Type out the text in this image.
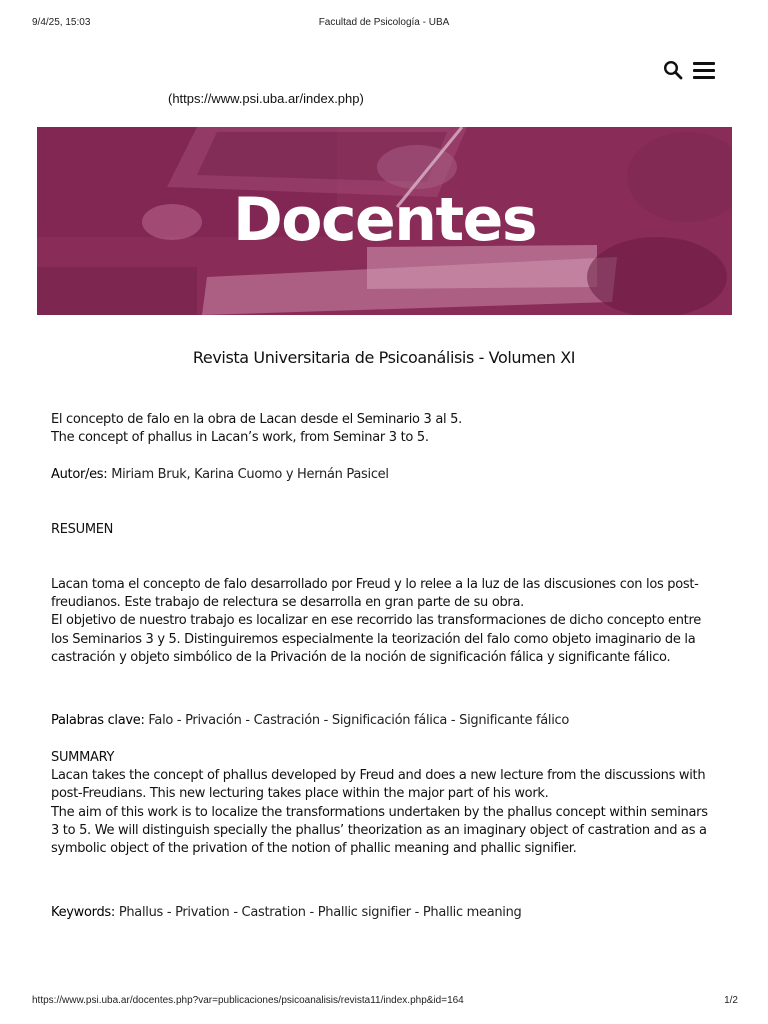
9/4/25, 15:03	Facultad de Psicología - UBA
(https://www.psi.uba.ar/index.php)
Docentes
Revista Universitaria de Psicoanálisis - Volumen XI
El concepto de falo en la obra de Lacan desde el Seminario 3 al 5.
The concept of phallus in Lacan’s work, from Seminar 3 to 5.
Autor/es: Miriam Bruk, Karina Cuomo y Hernán Pasicel
RESUMEN

Lacan toma el concepto de falo desarrollado por Freud y lo relee a la luz de las discusiones con los post-

freudianos. Este trabajo de relectura se desarrolla en gran parte de su obra.

El objetivo de nuestro trabajo es localizar en ese recorrido las transformaciones de dicho concepto entre

los Seminarios 3 y 5. Distinguiremos especialmente la teorización del falo como objeto imaginario de la

castración y objeto simbólico de la Privación de la noción de significación fálica y significante fálico.

Palabras clave: Falo - Privación - Castración - Significación fálica - Significante fálico

SUMMARY

Lacan takes the concept of phallus developed by Freud and does a new lecture from the discussions with

post-Freudians. This new lecturing takes place within the major part of his work.

The aim of this work is to localize the transformations undertaken by the phallus concept within seminars

3 to 5. We will distinguish specially the phallus’ theorization as an imaginary object of castration and as a

symbolic object of the privation of the notion of phallic meaning and phallic signifier.

Keywords: Phallus - Privation - Castration - Phallic signifier - Phallic meaning
https://www.psi.uba.ar/docentes.php?var=publicaciones/psicoanalisis/revista11/index.php&id=164	1/2
